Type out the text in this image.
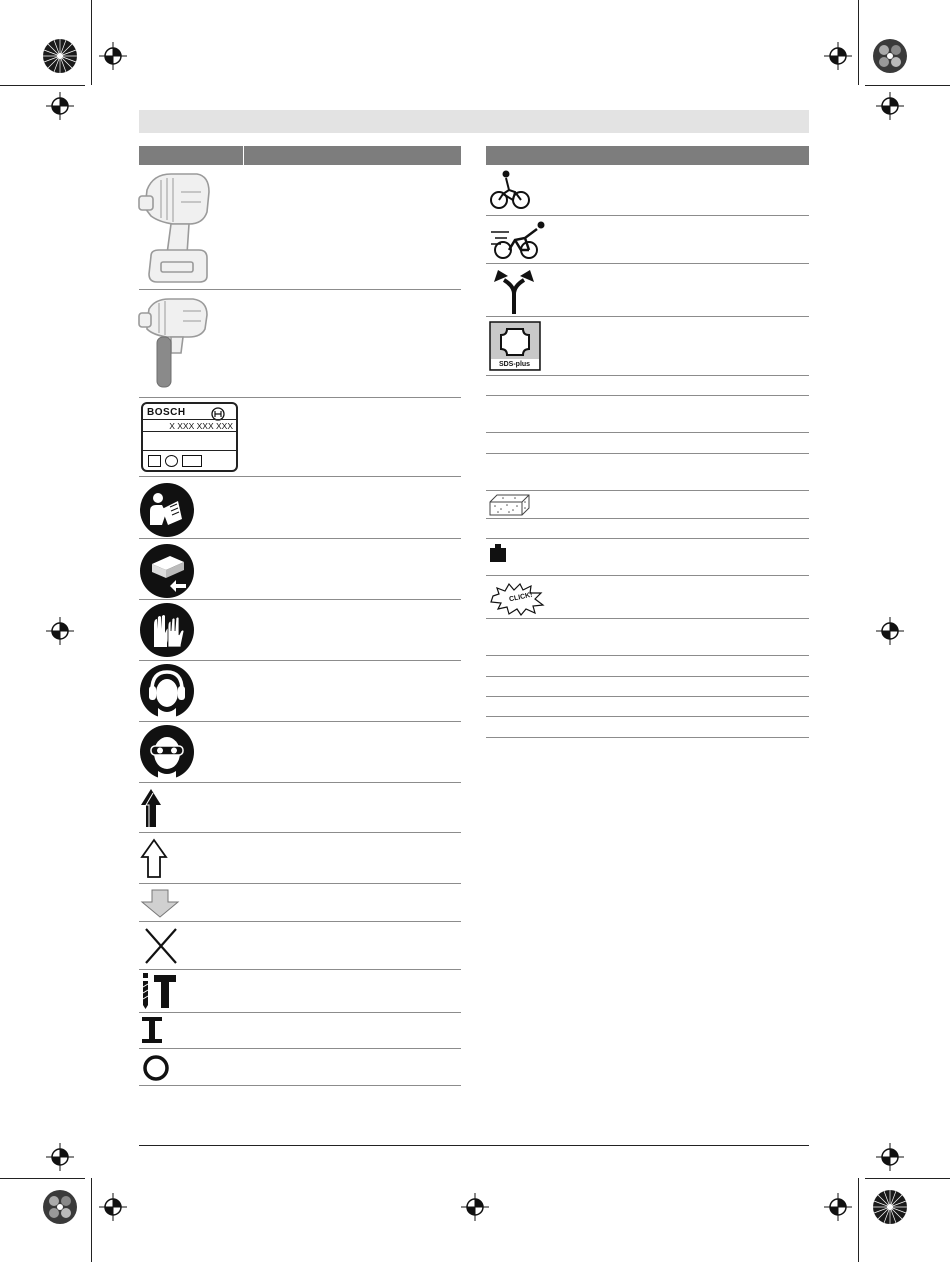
BOSCH
X XXX XXX XXX
SDS-plus
CLICK!
